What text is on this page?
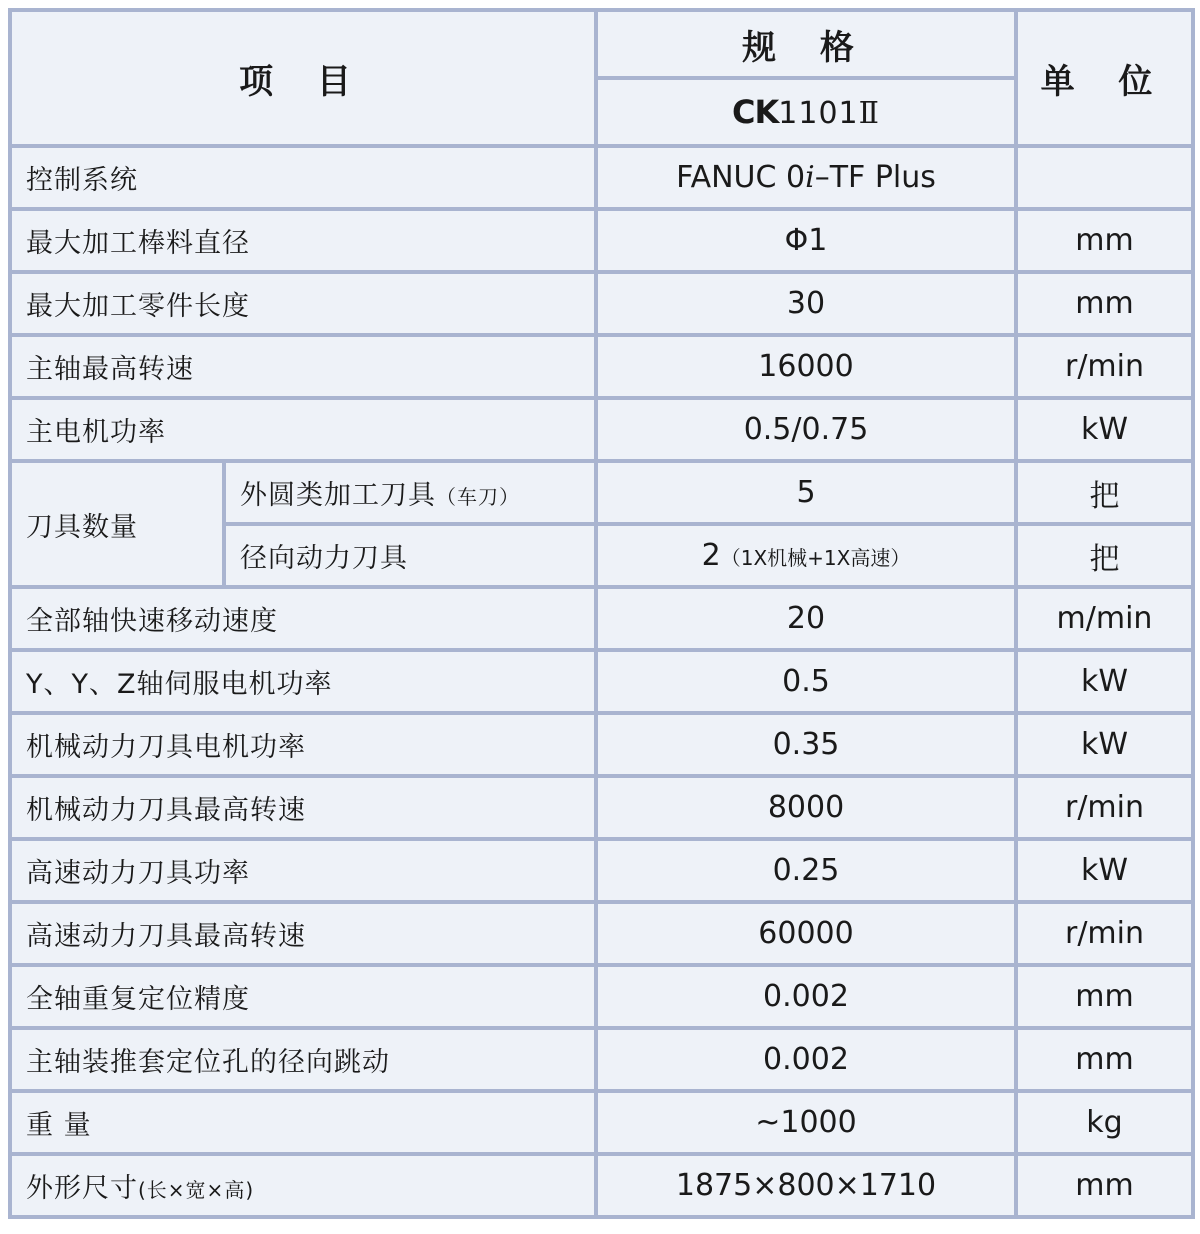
项 目		规 格	单 位
		CK1101Ⅱ	
控制系统		FANUC 0i–TF Plus	
最大加工棒料直径		Φ1	mm
最大加工零件长度		30	mm
主轴最高转速		16000	r/min
主电机功率		0.5/0.75	kW
刀具数量	外圆类加工刀具（车刀）	5	把
	径向动力刀具	2（1X机械+1X高速）	把
全部轴快速移动速度		20	m/min
Y、Y、Z轴伺服电机功率		0.5	kW
机械动力刀具电机功率		0.35	kW
机械动力刀具最高转速		8000	r/min
高速动力刀具功率		0.25	kW
高速动力刀具最高转速		60000	r/min
全轴重复定位精度		0.002	mm
主轴装推套定位孔的径向跳动		0.002	mm
重 量		~1000	kg
外形尺寸(长×宽×高)		1875×800×1710	mm
